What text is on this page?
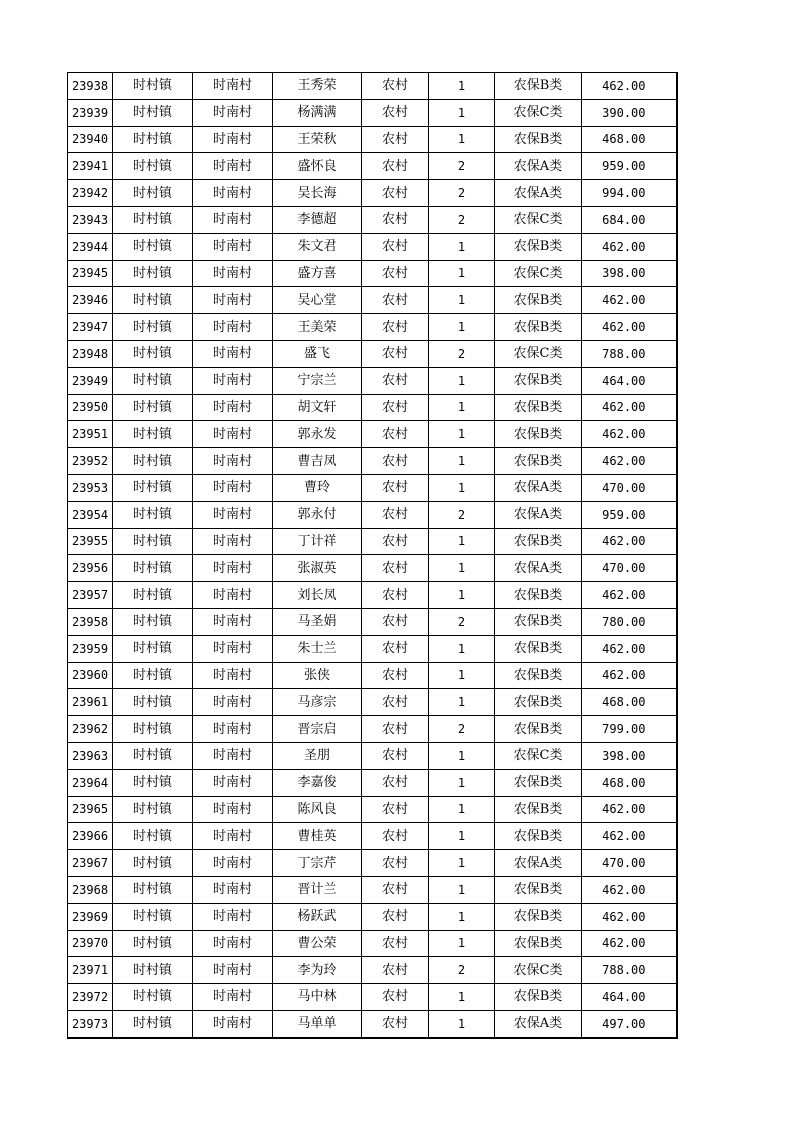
23938	时村镇	时南村	王秀荣	农村	1	农保B类	462.00
23939	时村镇	时南村	杨满满	农村	1	农保C类	390.00
23940	时村镇	时南村	王荣秋	农村	1	农保B类	468.00
23941	时村镇	时南村	盛怀良	农村	2	农保A类	959.00
23942	时村镇	时南村	吴长海	农村	2	农保A类	994.00
23943	时村镇	时南村	李德超	农村	2	农保C类	684.00
23944	时村镇	时南村	朱文君	农村	1	农保B类	462.00
23945	时村镇	时南村	盛方喜	农村	1	农保C类	398.00
23946	时村镇	时南村	吴心堂	农村	1	农保B类	462.00
23947	时村镇	时南村	王美荣	农村	1	农保B类	462.00
23948	时村镇	时南村	盛飞	农村	2	农保C类	788.00
23949	时村镇	时南村	宁宗兰	农村	1	农保B类	464.00
23950	时村镇	时南村	胡文轩	农村	1	农保B类	462.00
23951	时村镇	时南村	郭永发	农村	1	农保B类	462.00
23952	时村镇	时南村	曹吉凤	农村	1	农保B类	462.00
23953	时村镇	时南村	曹玲	农村	1	农保A类	470.00
23954	时村镇	时南村	郭永付	农村	2	农保A类	959.00
23955	时村镇	时南村	丁计祥	农村	1	农保B类	462.00
23956	时村镇	时南村	张淑英	农村	1	农保A类	470.00
23957	时村镇	时南村	刘长凤	农村	1	农保B类	462.00
23958	时村镇	时南村	马圣娟	农村	2	农保B类	780.00
23959	时村镇	时南村	朱士兰	农村	1	农保B类	462.00
23960	时村镇	时南村	张侠	农村	1	农保B类	462.00
23961	时村镇	时南村	马彦宗	农村	1	农保B类	468.00
23962	时村镇	时南村	晋宗启	农村	2	农保B类	799.00
23963	时村镇	时南村	圣朋	农村	1	农保C类	398.00
23964	时村镇	时南村	李嘉俊	农村	1	农保B类	468.00
23965	时村镇	时南村	陈风良	农村	1	农保B类	462.00
23966	时村镇	时南村	曹桂英	农村	1	农保B类	462.00
23967	时村镇	时南村	丁宗芹	农村	1	农保A类	470.00
23968	时村镇	时南村	晋计兰	农村	1	农保B类	462.00
23969	时村镇	时南村	杨跃武	农村	1	农保B类	462.00
23970	时村镇	时南村	曹公荣	农村	1	农保B类	462.00
23971	时村镇	时南村	李为玲	农村	2	农保C类	788.00
23972	时村镇	时南村	马中林	农村	1	农保B类	464.00
23973	时村镇	时南村	马单单	农村	1	农保A类	497.00
